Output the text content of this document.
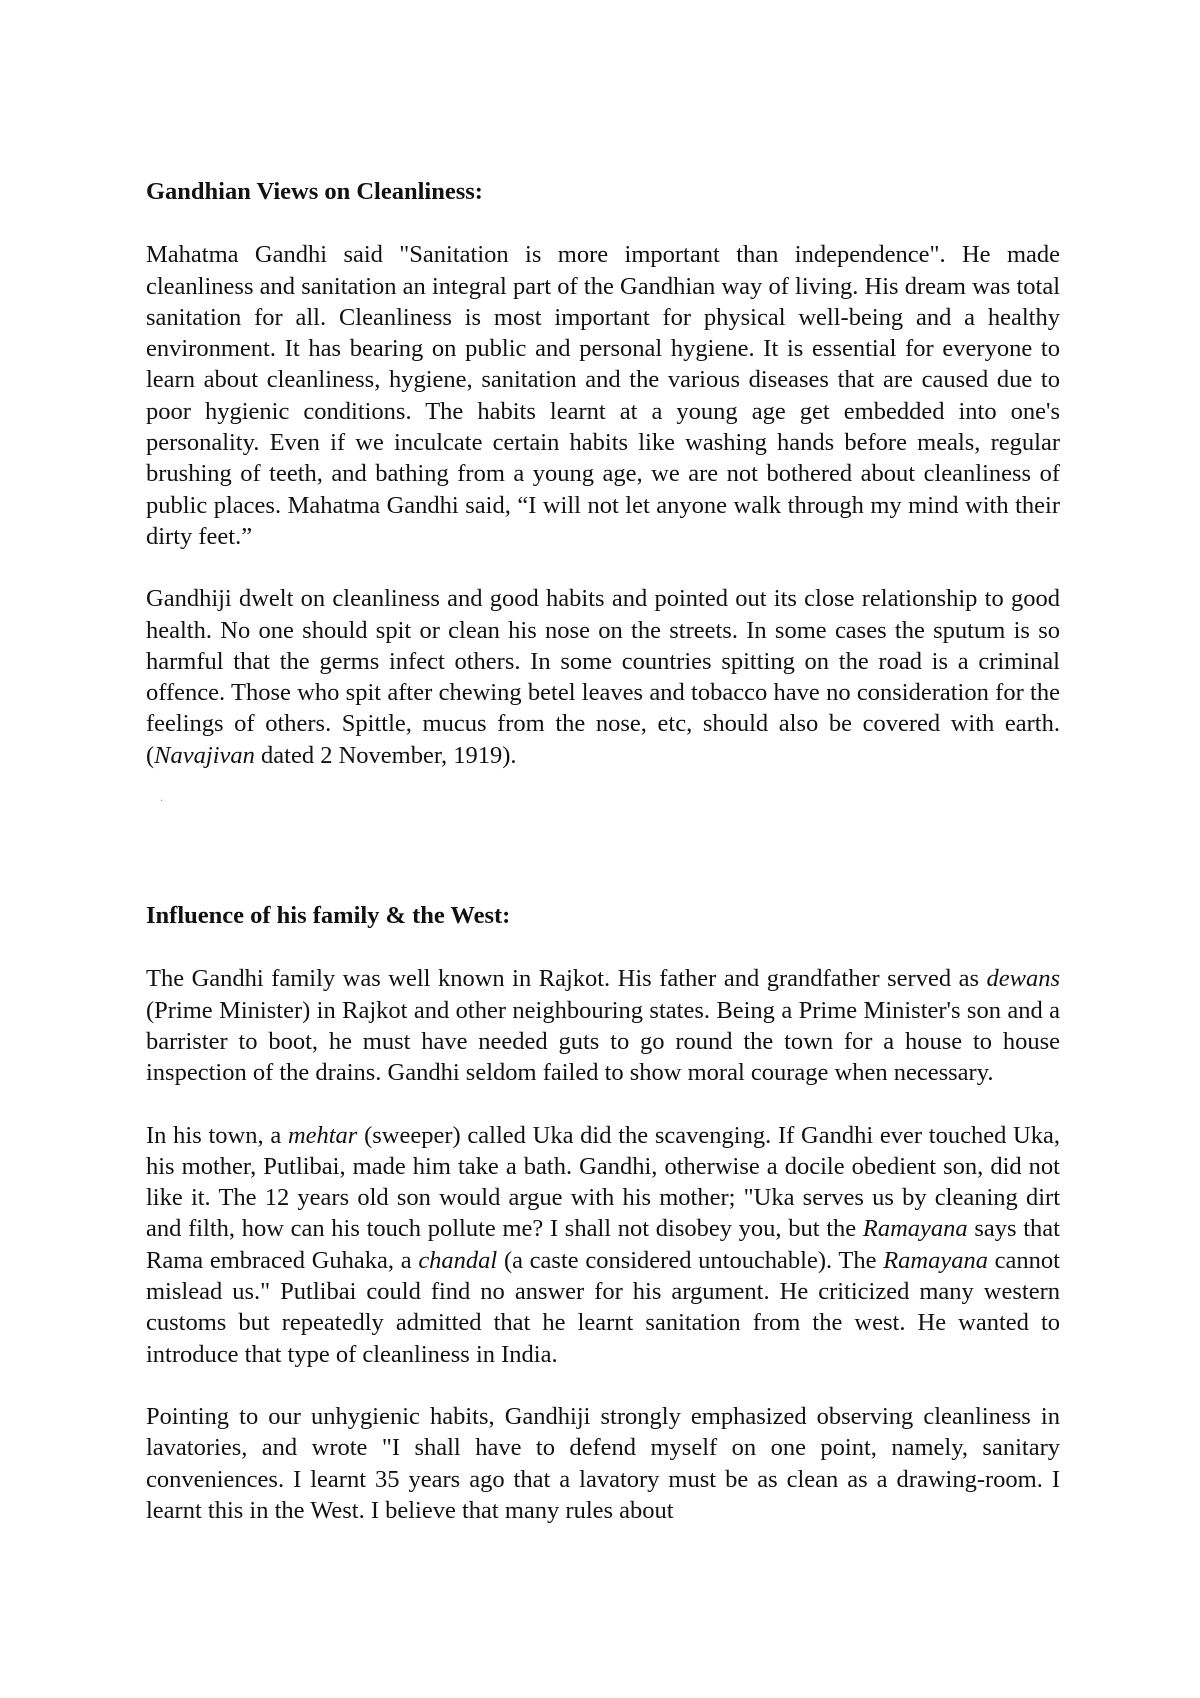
Gandhian Views on Cleanliness:

Mahatma Gandhi said "Sanitation is more important than independence". He made cleanliness and sanitation an integral part of the Gandhian way of living. His dream was total sanitation for all. Cleanliness is most important for physical well-being and a healthy environment. It has bearing on public and personal hygiene. It is essential for everyone to learn about cleanliness, hygiene, sanitation and the various diseases that are caused due to poor hygienic conditions. The habits learnt at a young age get embedded into one's personality. Even if we inculcate certain habits like washing hands before meals, regular brushing of teeth, and bathing from a young age, we are not bothered about cleanliness of public places. Mahatma Gandhi said, “I will not let anyone walk through my mind with their dirty feet.”

Gandhiji dwelt on cleanliness and good habits and pointed out its close relationship to good health. No one should spit or clean his nose on the streets. In some cases the sputum is so harmful that the germs infect others. In some countries spitting on the road is a criminal offence. Those who spit after chewing betel leaves and tobacco have no consideration for the feelings of others. Spittle, mucus from the nose, etc, should also be covered with earth. (Navajivan dated 2 November, 1919).

.
Influence of his family & the West:

The Gandhi family was well known in Rajkot. His father and grandfather served as dewans (Prime Minister) in Rajkot and other neighbouring states. Being a Prime Minister's son and a barrister to boot, he must have needed guts to go round the town for a house to house inspection of the drains. Gandhi seldom failed to show moral courage when necessary.

In his town, a mehtar (sweeper) called Uka did the scavenging. If Gandhi ever touched Uka, his mother, Putlibai, made him take a bath. Gandhi, otherwise a docile obedient son, did not like it. The 12 years old son would argue with his mother; "Uka serves us by cleaning dirt and filth, how can his touch pollute me? I shall not disobey you, but the Ramayana says that Rama embraced Guhaka, a chandal (a caste considered untouchable). The Ramayana cannot mislead us." Putlibai could find no answer for his argument. He criticized many western customs but repeatedly admitted that he learnt sanitation from the west. He wanted to introduce that type of cleanliness in India.

Pointing to our unhygienic habits, Gandhiji strongly emphasized observing cleanliness in lavatories, and wrote "I shall have to defend myself on one point, namely, sanitary conveniences. I learnt 35 years ago that a lavatory must be as clean as a drawing-room. I learnt this in the West. I believe that many rules about
